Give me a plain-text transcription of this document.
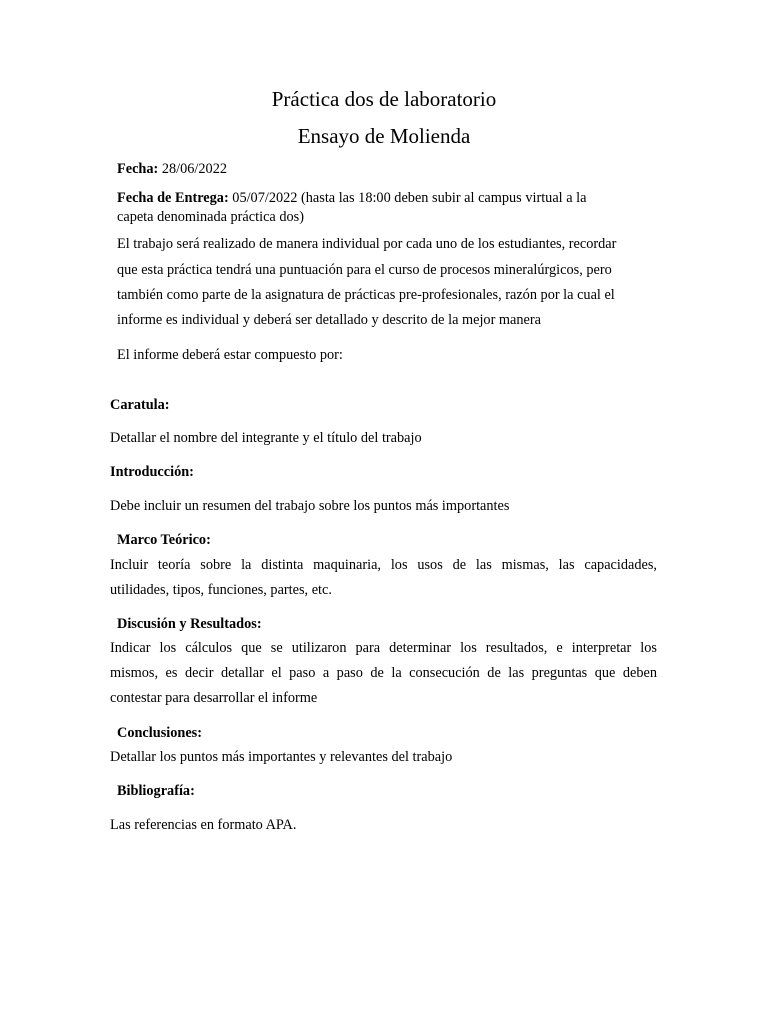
Práctica dos de laboratorio
Ensayo de Molienda
Fecha: 28/06/2022
Fecha de Entrega: 05/07/2022 (hasta las 18:00 deben subir al campus virtual a la
capeta denominada práctica dos)
El trabajo será realizado de manera individual por cada uno de los estudiantes, recordar
que esta práctica tendrá una puntuación para el curso de procesos mineralúrgicos, pero
también como parte de la asignatura de prácticas pre-profesionales, razón por la cual el
informe es individual y deberá ser detallado y descrito de la mejor manera
El informe deberá estar compuesto por:
Caratula:
Detallar el nombre del integrante y el título del trabajo
Introducción:
Debe incluir un resumen del trabajo sobre los puntos más importantes
Marco Teórico:
Incluir teoría sobre la distinta maquinaria, los usos de las mismas, las capacidades,
utilidades, tipos, funciones, partes, etc.
Discusión y Resultados:
Indicar los cálculos que se utilizaron para determinar los resultados, e interpretar los
mismos, es decir detallar el paso a paso de la consecución de las preguntas que deben
contestar para desarrollar el informe
Conclusiones:
Detallar los puntos más importantes y relevantes del trabajo
Bibliografía:
Las referencias en formato APA.
